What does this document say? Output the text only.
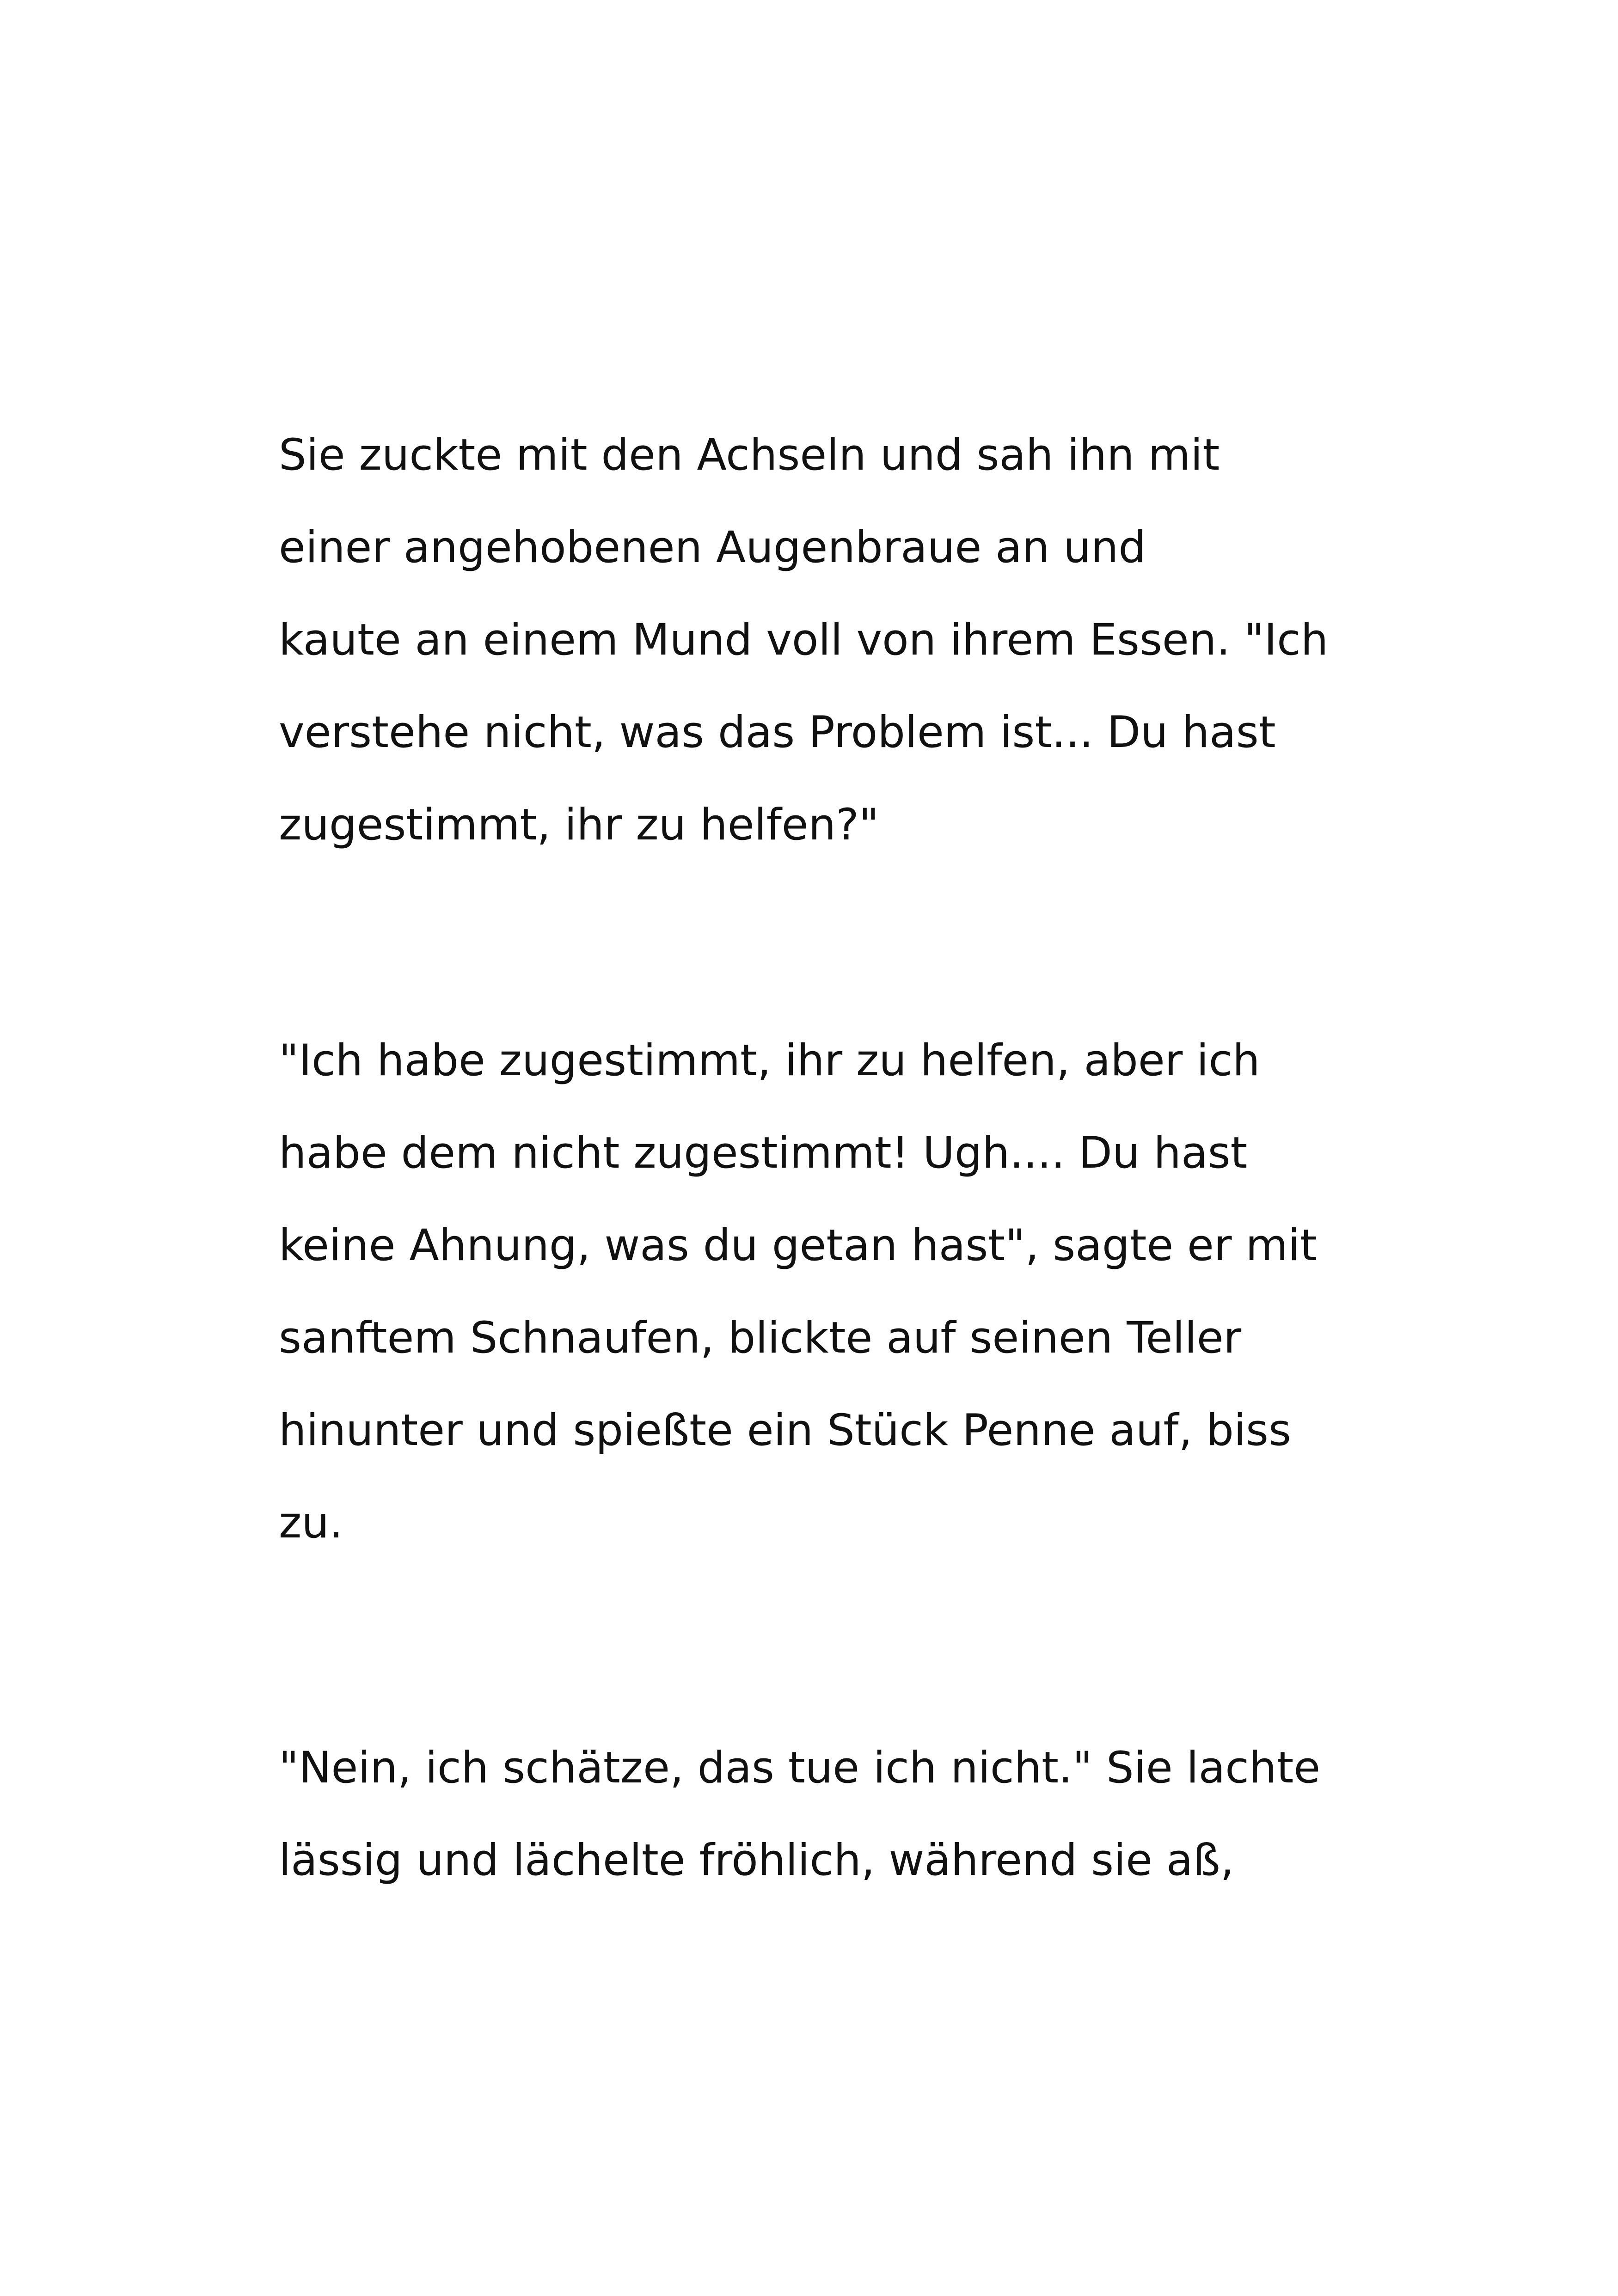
Sie zuckte mit den Achseln und sah ihn mit
einer angehobenen Augenbraue an und
kaute an einem Mund voll von ihrem Essen. "Ich
verstehe nicht, was das Problem ist... Du hast
zugestimmt, ihr zu helfen?"
"Ich habe zugestimmt, ihr zu helfen, aber ich
habe dem nicht zugestimmt! Ugh.... Du hast
keine Ahnung, was du getan hast", sagte er mit
sanftem Schnaufen, blickte auf seinen Teller
hinunter und spießte ein Stück Penne auf, biss
zu.
"Nein, ich schätze, das tue ich nicht." Sie lachte
lässig und lächelte fröhlich, während sie aß,
